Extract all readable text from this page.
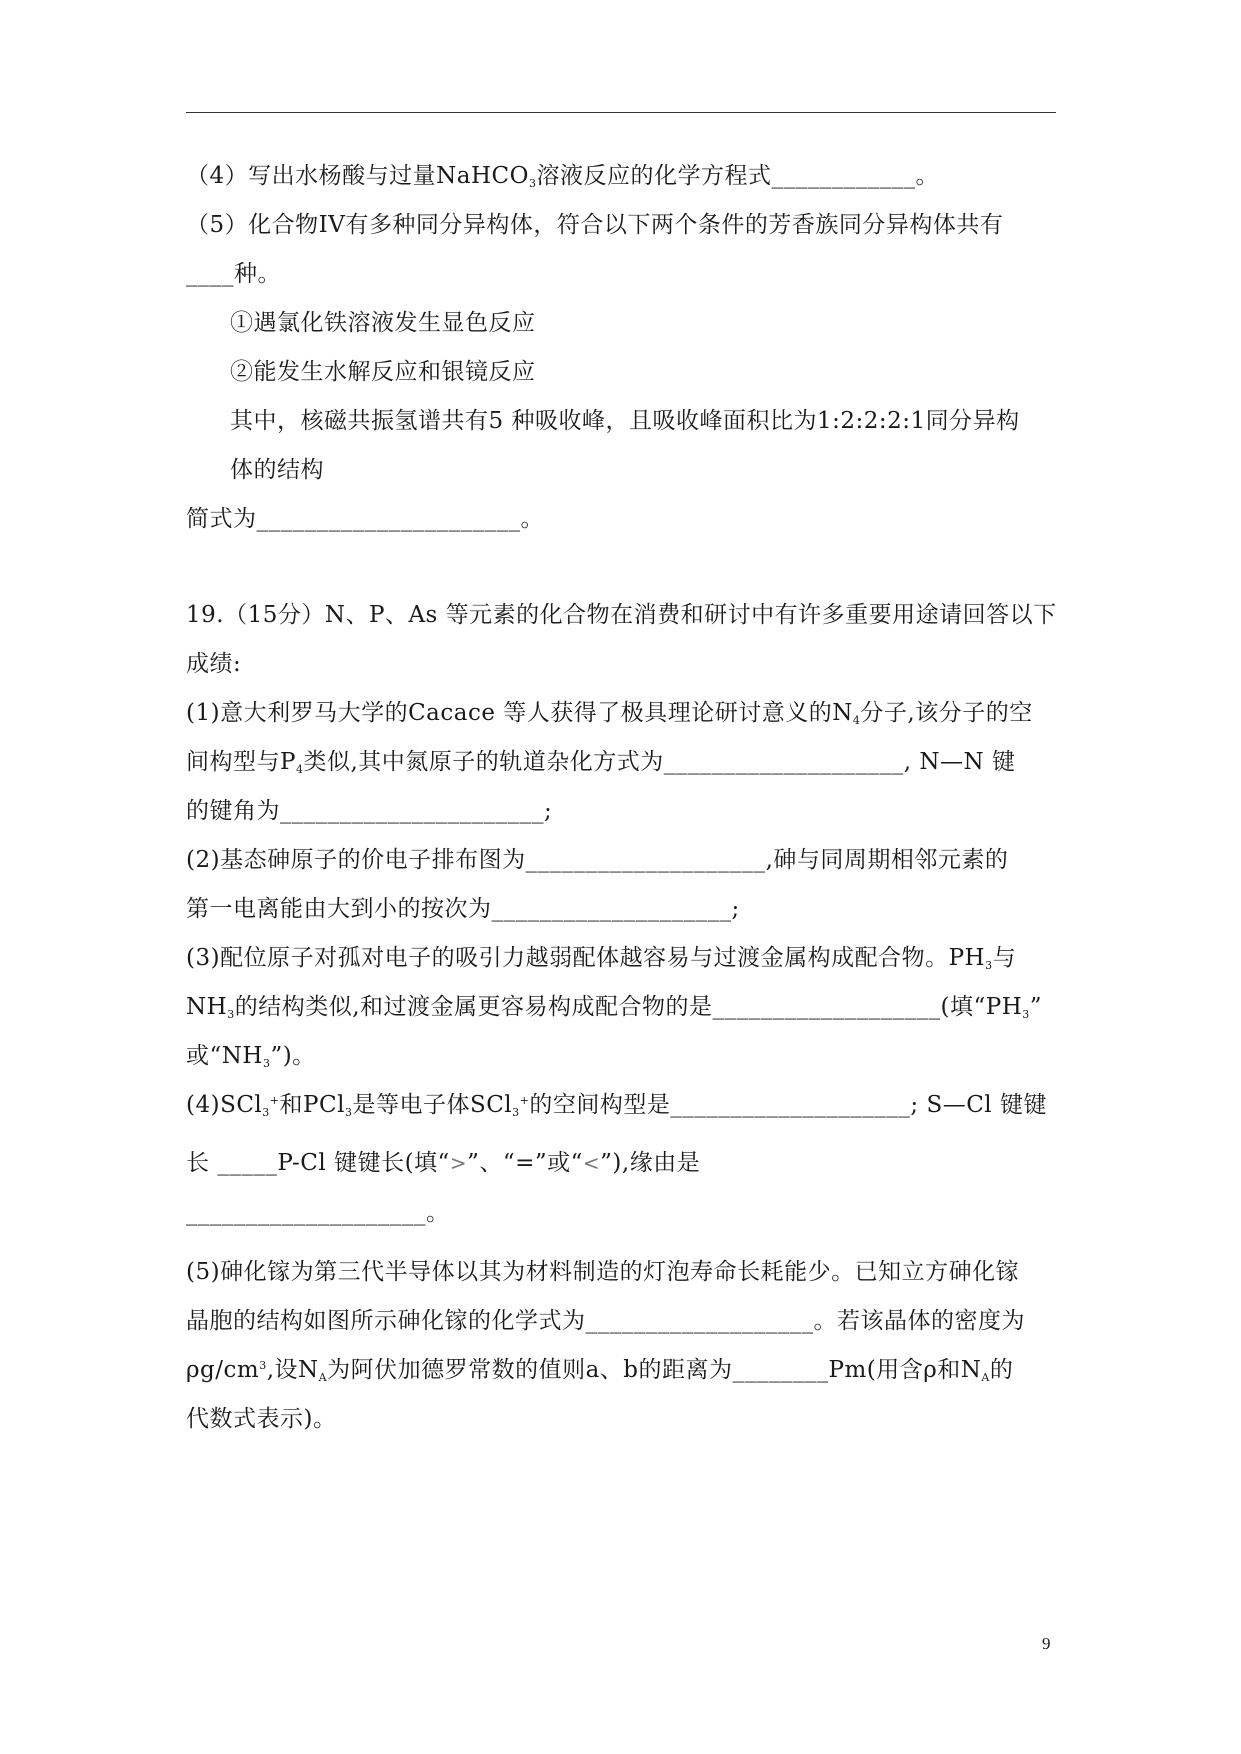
（4）写出水杨酸与过量NaHCO$_3$溶液反应的化学方程式____________。
（5）化合物IV有多种同分异构体，符合以下两个条件的芳香族同分异构体共有
____种。
①遇氯化铁溶液发生显色反应
②能发生水解反应和银镜反应
其中，核磁共振氢谱共有5 种吸收峰，且吸收峰面积比为1:2:2:2:1同分异构
体的结构
简式为______________________。
19.（15分）N、P、As 等元素的化合物在消费和研讨中有许多重要用途请回答以下
成绩:
(1)意大利罗马大学的Cacace 等人获得了极具理论研讨意义的$N_4$分子,该分子的空
间构型与$P_4$类似,其中氮原子的轨道杂化方式为____________________, N—N 键
的键角为______________________;
(2)基态砷原子的价电子排布图为____________________,砷与同周期相邻元素的
第一电离能由大到小的按次为____________________;
(3)配位原子对孤对电子的吸引力越弱配体越容易与过渡金属构成配合物。$PH_3$与
$NH_3$的结构类似,和过渡金属更容易构成配合物的是___________________(填“$PH_3$”
或“$NH_3$”)。
(4)SCl$_3$+和PCl$_3$是等电子体SCl$_3$+的空间构型是____________________; S—Cl 键键
长 _____P-Cl 键键长(填“>”、“=”或“<”),缘由是
____________________。
(5)砷化镓为第三代半导体以其为材料制造的灯泡寿命长耗能少。已知立方砷化镓
晶胞的结构如图所示砷化镓的化学式为___________________。若该晶体的密度为
$\rho g/cm^3$,设$N_A$为阿伏加德罗常数的值则a、b的距离为________Pm(用含ρ和$N_A$的
代数式表示)。
9
